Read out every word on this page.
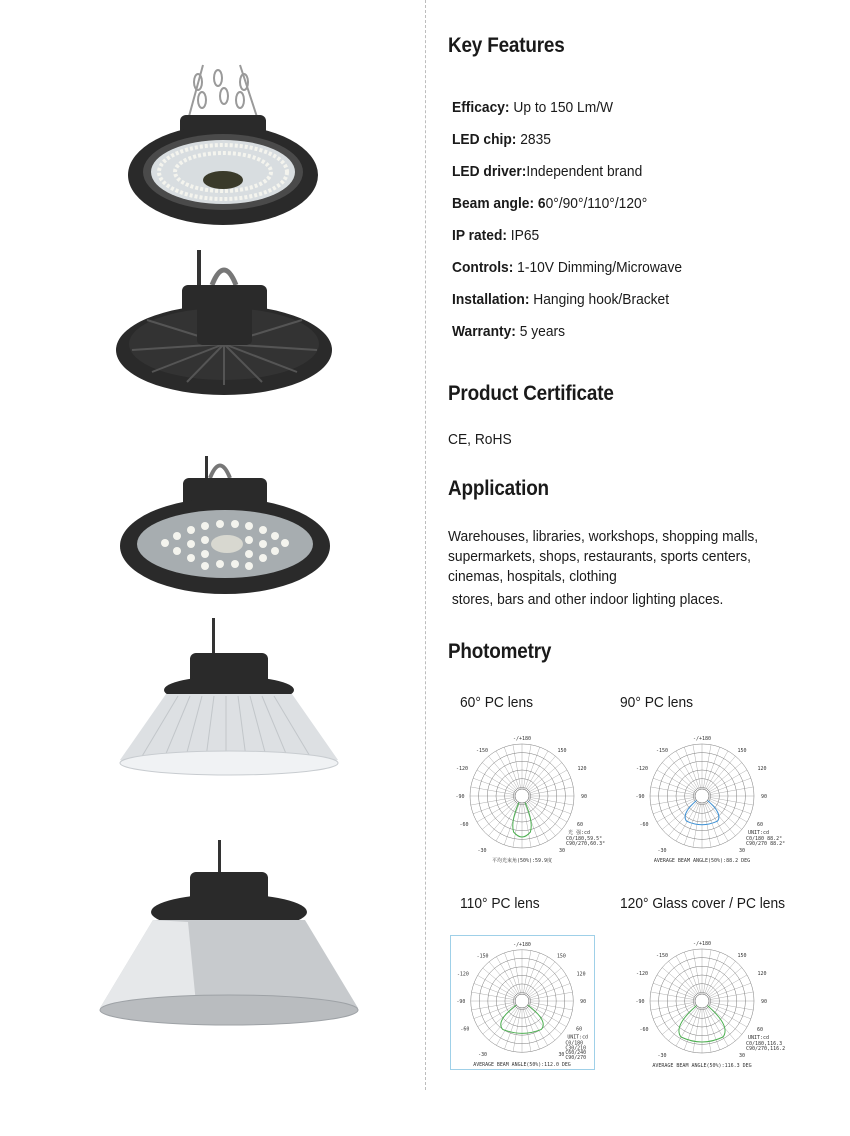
Key Features
Efficacy: Up to 150 Lm/W
LED chip: 2835
LED driver:Independent brand
Beam angle: 60°/90°/110°/120°
IP rated: IP65
Controls: 1-10V Dimming/Microwave
Installation: Hanging hook/Bracket
Warranty: 5 years
Product Certificate
CE, RoHS
Application
Warehouses, libraries, workshops, shopping malls,
supermarkets, shops, restaurants, sports centers,
cinemas, hospitals, clothing
stores, bars and other indoor lighting places.
Photometry
60° PC lens	90° PC lens
110° PC lens	120° Glass cover / PC lens
-/+180
-150	150
-120	120
-90	90
-60	60
-30	30
光 强:cd
C0/180,59.5°
C90/270,60.3°
平均光束角(50%):59.9度
-/+180
-150	150
-120	120
-90	90
-60	60
-30	30
UNIT:cd
C0/180 88.2°
C90/270 88.2°
AVERAGE BEAM ANGLE(50%):88.2 DEG
-/+180
-150	150
-120	120
-90	90
-60	60
-30	30
UNIT:cd
C0/180
C30/210
C60/240
C90/270
AVERAGE BEAM ANGLE(50%):112.0 DEG
-/+180
-150	150
-120	120
-90	90
-60	60
-30	30
UNIT:cd
C0/180,116.3
C90/270,116.2
AVERAGE BEAM ANGLE(50%):116.3 DEG
